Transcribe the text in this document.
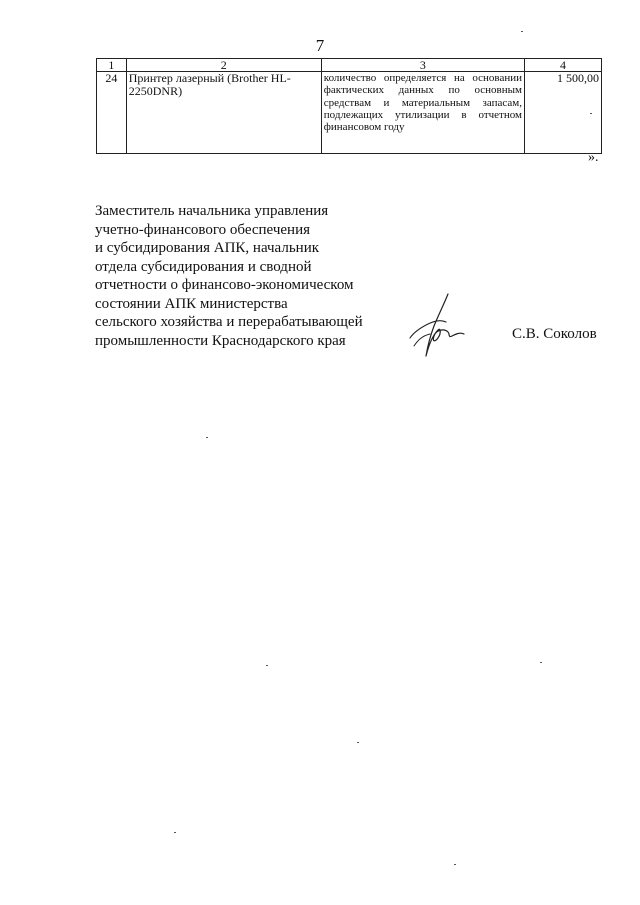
7
1	2	3	4
24	Принтер лазерный (Brother HL-2250DNR)	количество определяется на основании фактических данных по основным средствам и материальным запасам, подлежащих утилизации в отчетном финансовом году	1 500,00
».
Заместитель начальника управления
учетно-финансового обеспечения
и субсидирования АПК, начальник
отдела субсидирования и сводной
отчетности о финансово-экономическом
состоянии АПК министерства
сельского хозяйства и перерабатывающей
промышленности Краснодарского края	С.В. Соколов
